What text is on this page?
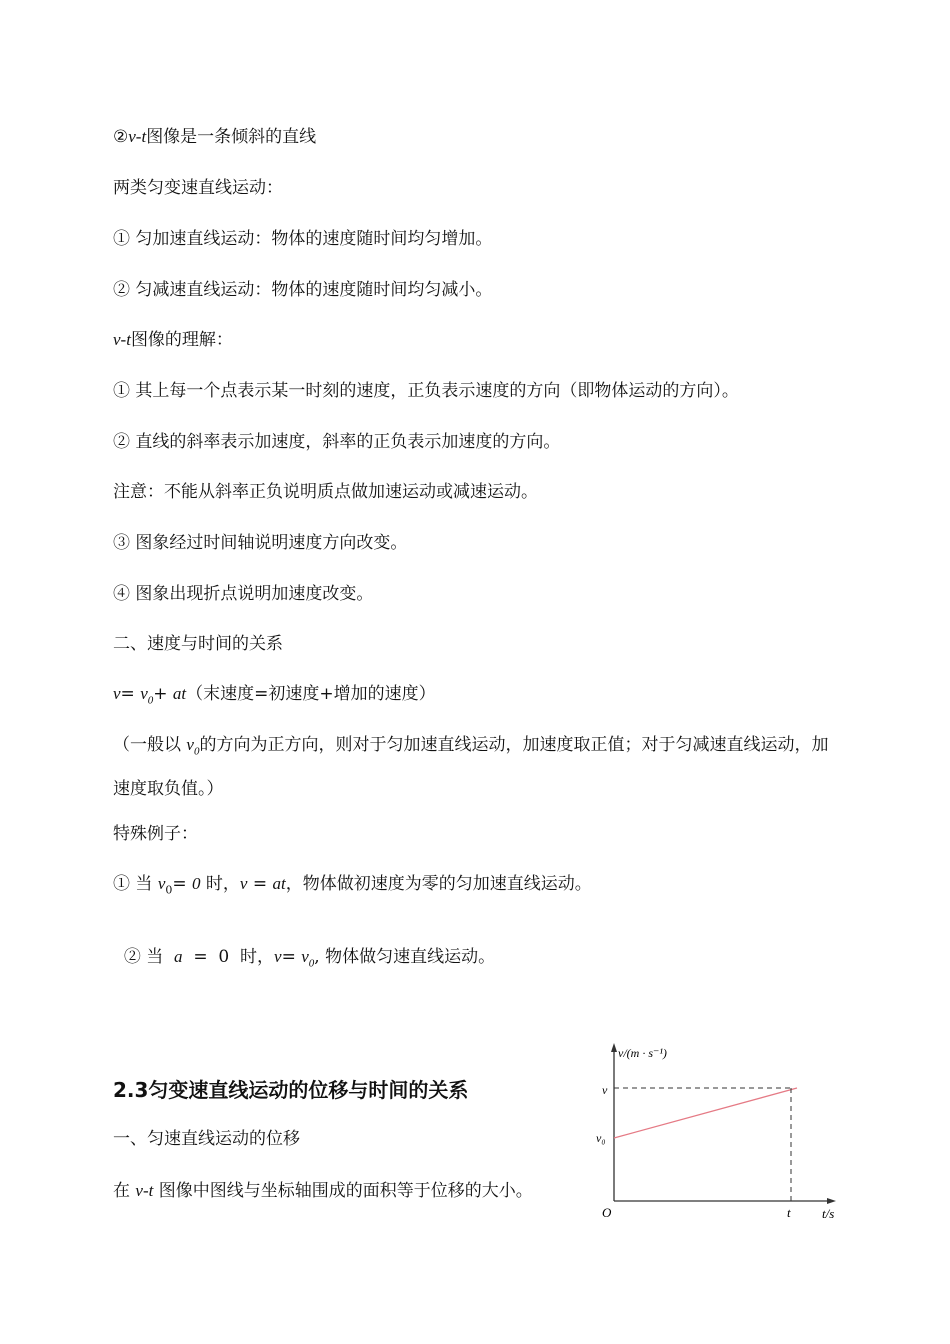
②v-t图像是一条倾斜的直线
两类匀变速直线运动：
① 匀加速直线运动：物体的速度随时间均匀增加。
② 匀减速直线运动：物体的速度随时间均匀减小。
v-t图像的理解：
① 其上每一个点表示某一时刻的速度，正负表示速度的方向（即物体运动的方向）。
② 直线的斜率表示加速度，斜率的正负表示加速度的方向。
注意：不能从斜率正负说明质点做加速运动或减速运动。
③ 图象经过时间轴说明速度方向改变。
④ 图象出现折点说明加速度改变。
二、速度与时间的关系
$v= v_0+ at$（末速度=初速度+增加的速度）
（一般以 $v_0$的方向为正方向，则对于匀加速直线运动，加速度取正值；对于匀减速直线运动，加速度取负值。）
特殊例子：
① 当 $v_0= 0$ 时，v = at，物体做初速度为零的匀加速直线运动。

② 当  a  =  0  时，$v= v_0$, 物体做匀速直线运动。

2.3匀变速直线运动的位移与时间的关系
一、匀速直线运动的位移
在 v-t 图像中图线与坐标轴围成的面积等于位移的大小。
v/(m · s⁻¹)
v
v₀
O	t t/s
